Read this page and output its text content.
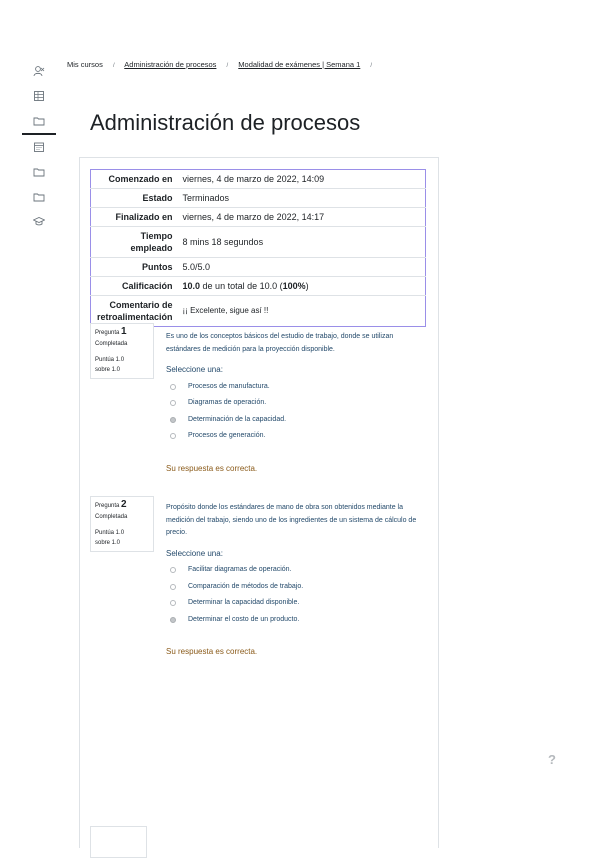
Mis cursos / Administración de procesos / Modalidad de exámenes | Semana 1 /
Administración de procesos
Comenzado en	viernes, 4 de marzo de 2022, 14:09
Estado	Terminados
Finalizado en	viernes, 4 de marzo de 2022, 14:17
Tiempo empleado	8 mins 18 segundos
Puntos	5.0/5.0
Calificación	10.0 de un total de 10.0 (100%)
Comentario de retroalimentación	¡¡ Excelente, sigue así !!
Pregunta 1
Completada
Puntúa 1.0 sobre 1.0
Es uno de los conceptos básicos del estudio de trabajo, donde se utilizan estándares de medición para la proyección disponible.
Seleccione una:
Procesos de manufactura.
Diagramas de operación.
Determinación de la capacidad.
Procesos de generación.
Su respuesta es correcta.
Pregunta 2
Completada
Puntúa 1.0 sobre 1.0
Propósito donde los estándares de mano de obra son obtenidos mediante la medición del trabajo, siendo uno de los ingredientes de un sistema de cálculo de precio.
Seleccione una:
Facilitar diagramas de operación.
Comparación de métodos de trabajo.
Determinar la capacidad disponible.
Determinar el costo de un producto.
Su respuesta es correcta.
?
